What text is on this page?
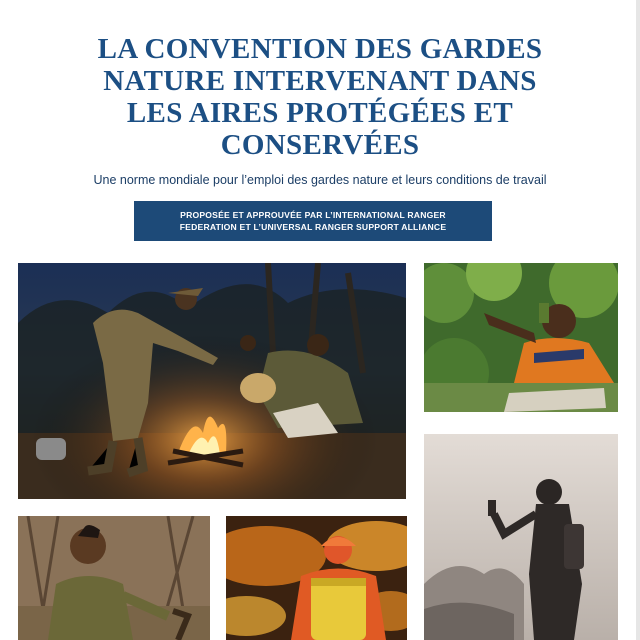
LA CONVENTION DES GARDES
NATURE INTERVENANT DANS
LES AIRES PROTÉGÉES ET
CONSERVÉES

Une norme mondiale pour l’emploi des gardes nature et leurs conditions de travail

PROPOSÉE ET APPROUVÉE PAR L’INTERNATIONAL RANGER
FEDERATION ET L’UNIVERSAL RANGER SUPPORT ALLIANCE
